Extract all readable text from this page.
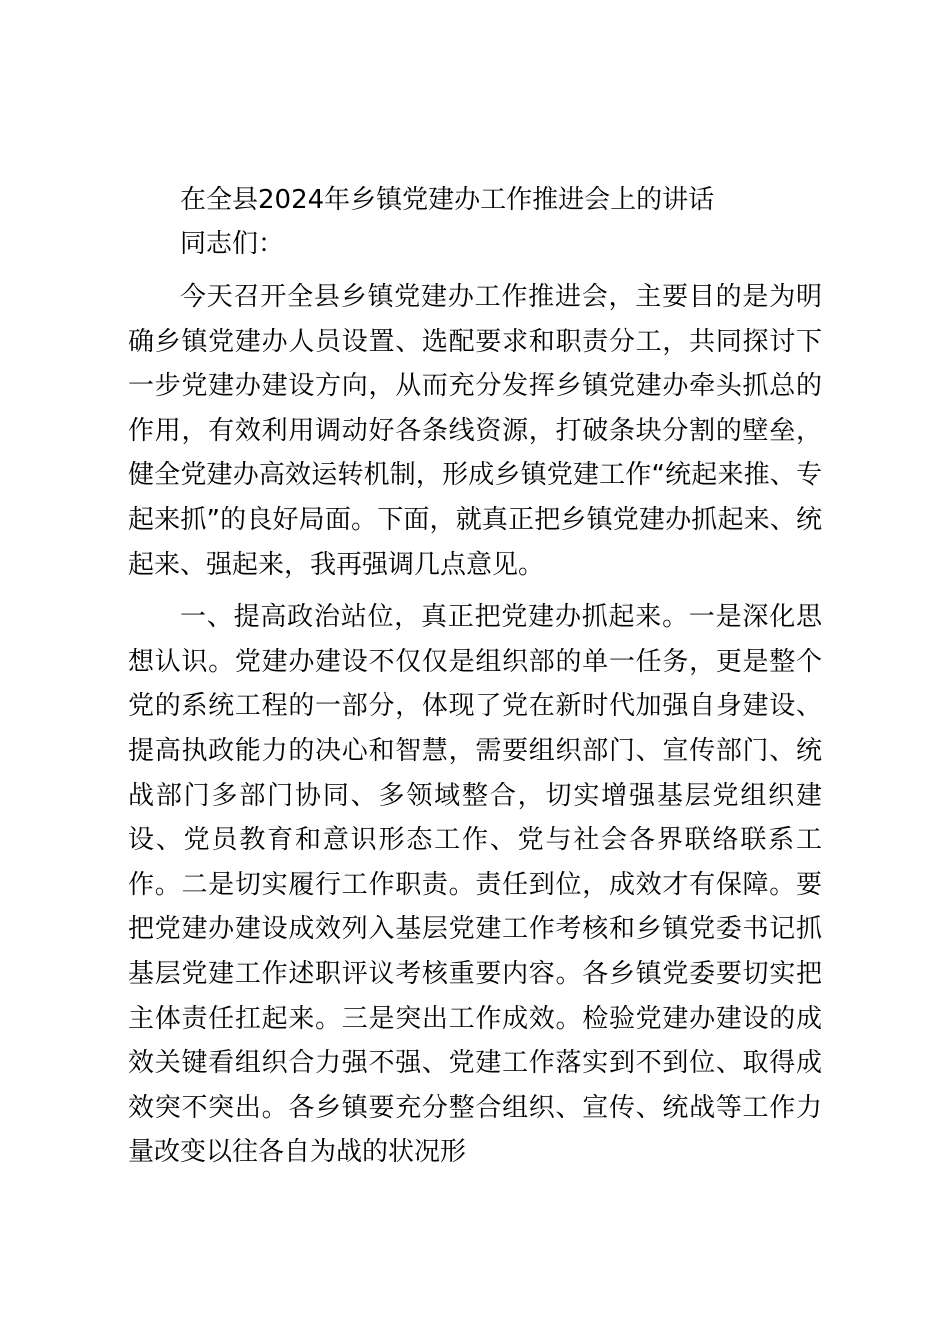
在全县2024年乡镇党建办工作推进会上的讲话

同志们：

今天召开全县乡镇党建办工作推进会，主要目的是为明确乡镇党建办人员设置、选配要求和职责分工，共同探讨下一步党建办建设方向，从而充分发挥乡镇党建办牵头抓总的作用，有效利用调动好各条线资源，打破条块分割的壁垒，健全党建办高效运转机制，形成乡镇党建工作“统起来推、专起来抓”的良好局面。下面，就真正把乡镇党建办抓起来、统起来、强起来，我再强调几点意见。

一、提高政治站位，真正把党建办抓起来。一是深化思想认识。党建办建设不仅仅是组织部的单一任务，更是整个党的系统工程的一部分，体现了党在新时代加强自身建设、提高执政能力的决心和智慧，需要组织部门、宣传部门、统战部门多部门协同、多领域整合，切实增强基层党组织建设、党员教育和意识形态工作、党与社会各界联络联系工作。二是切实履行工作职责。责任到位，成效才有保障。要把党建办建设成效列入基层党建工作考核和乡镇党委书记抓基层党建工作述职评议考核重要内容。各乡镇党委要切实把主体责任扛起来。三是突出工作成效。检验党建办建设的成效关键看组织合力强不强、党建工作落实到不到位、取得成效突不突出。各乡镇要充分整合组织、宣传、统战等工作力量改变以往各自为战的状况形
